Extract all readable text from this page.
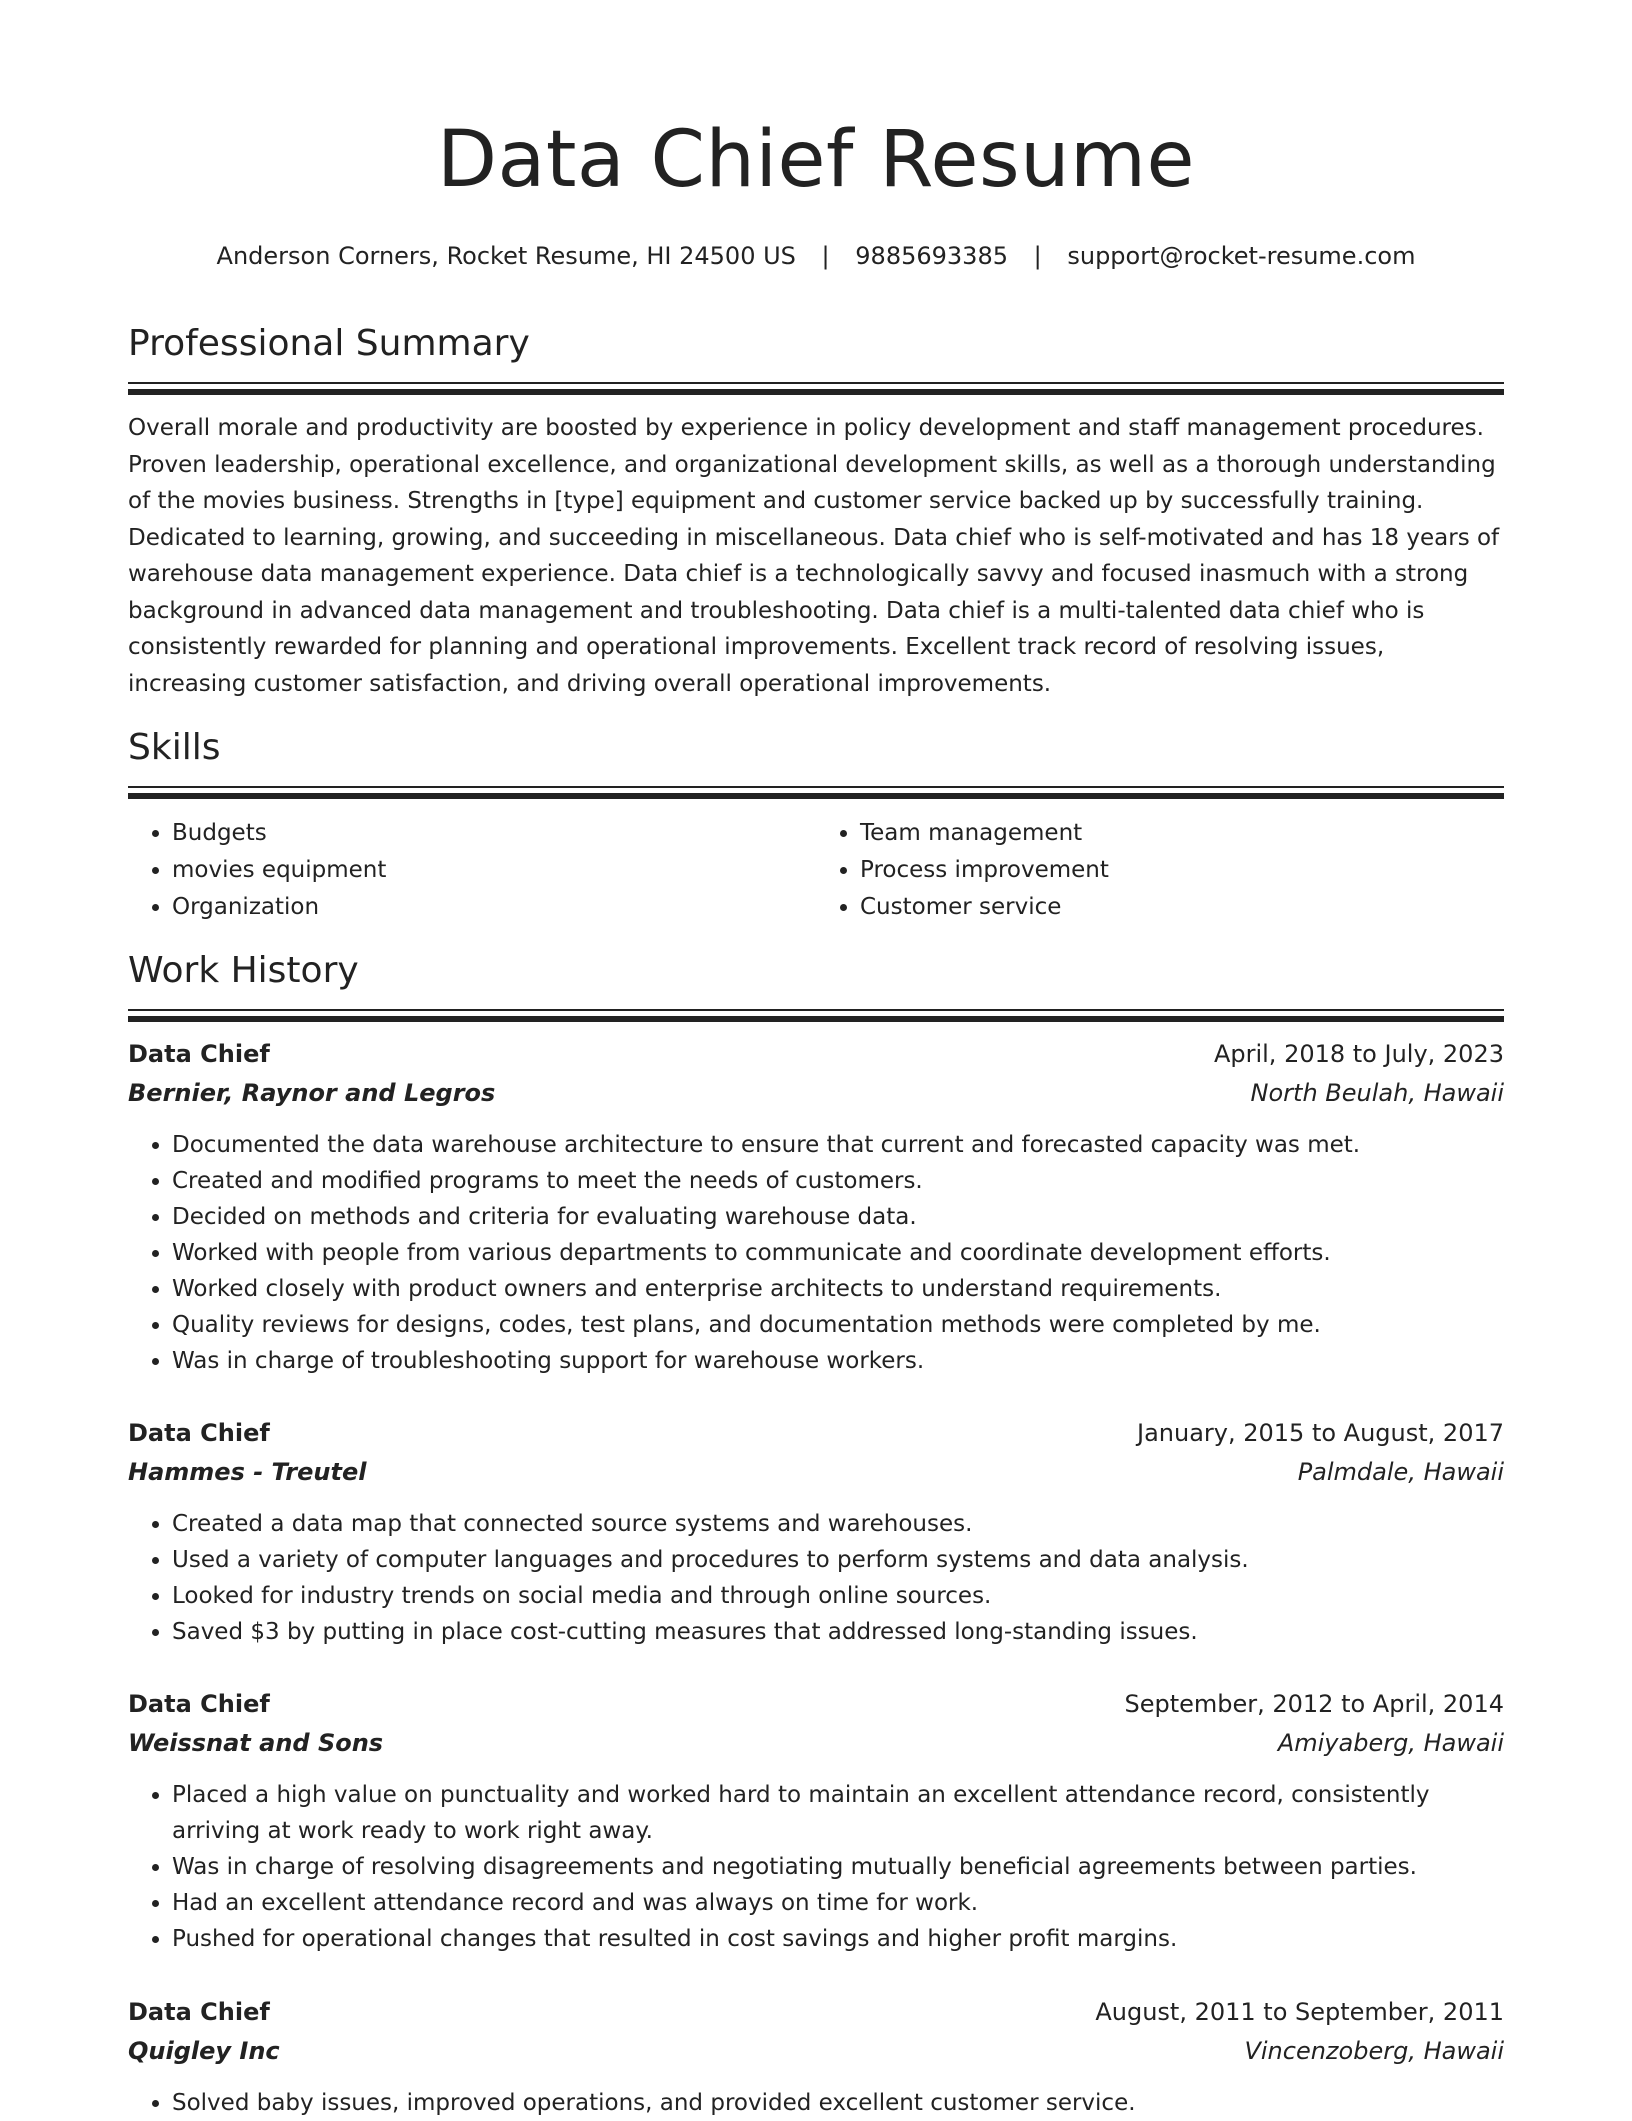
Data Chief Resume
Anderson Corners, Rocket Resume, HI 24500 US | 9885693385 | support@rocket-resume.com
Professional Summary
Overall morale and productivity are boosted by experience in policy development and staff management procedures. Proven leadership, operational excellence, and organizational development skills, as well as a thorough understanding of the movies business. Strengths in [type] equipment and customer service backed up by successfully training. Dedicated to learning, growing, and succeeding in miscellaneous. Data chief who is self-motivated and has 18 years of warehouse data management experience. Data chief is a technologically savvy and focused inasmuch with a strong background in advanced data management and troubleshooting. Data chief is a multi-talented data chief who is consistently rewarded for planning and operational improvements. Excellent track record of resolving issues, increasing customer satisfaction, and driving overall operational improvements.
Skills
• Budgets
• movies equipment
• Organization
• Team management
• Process improvement
• Customer service
Work History
Data Chief	April, 2018 to July, 2023
Bernier, Raynor and Legros	North Beulah, Hawaii
• Documented the data warehouse architecture to ensure that current and forecasted capacity was met.
• Created and modified programs to meet the needs of customers.
• Decided on methods and criteria for evaluating warehouse data.
• Worked with people from various departments to communicate and coordinate development efforts.
• Worked closely with product owners and enterprise architects to understand requirements.
• Quality reviews for designs, codes, test plans, and documentation methods were completed by me.
• Was in charge of troubleshooting support for warehouse workers.
Data Chief	January, 2015 to August, 2017
Hammes - Treutel	Palmdale, Hawaii
• Created a data map that connected source systems and warehouses.
• Used a variety of computer languages and procedures to perform systems and data analysis.
• Looked for industry trends on social media and through online sources.
• Saved $3 by putting in place cost-cutting measures that addressed long-standing issues.
Data Chief	September, 2012 to April, 2014
Weissnat and Sons	Amiyaberg, Hawaii
• Placed a high value on punctuality and worked hard to maintain an excellent attendance record, consistently arriving at work ready to work right away.
• Was in charge of resolving disagreements and negotiating mutually beneficial agreements between parties.
• Had an excellent attendance record and was always on time for work.
• Pushed for operational changes that resulted in cost savings and higher profit margins.
Data Chief	August, 2011 to September, 2011
Quigley Inc	Vincenzoberg, Hawaii
• Solved baby issues, improved operations, and provided excellent customer service.
